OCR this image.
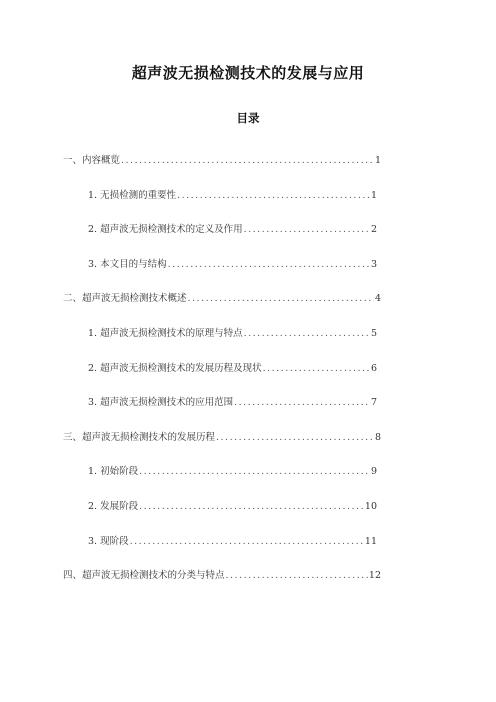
超声波无损检测技术的发展与应用
目录
一、内容概览 .....	1
1. 无损检测的重要性 .....	1
2. 超声波无损检测技术的定义及作用 .....	2
3. 本文目的与结构 .....	3
二、超声波无损检测技术概述 .....	4
1. 超声波无损检测技术的原理与特点 .....	5
2. 超声波无损检测技术的发展历程及现状 .....	6
3. 超声波无损检测技术的应用范围 .....	7
三、超声波无损检测技术的发展历程 .....	8
1. 初始阶段 .....	9
2. 发展阶段 .....	10
3. 现阶段 .....	11
四、超声波无损检测技术的分类与特点 .....	12
